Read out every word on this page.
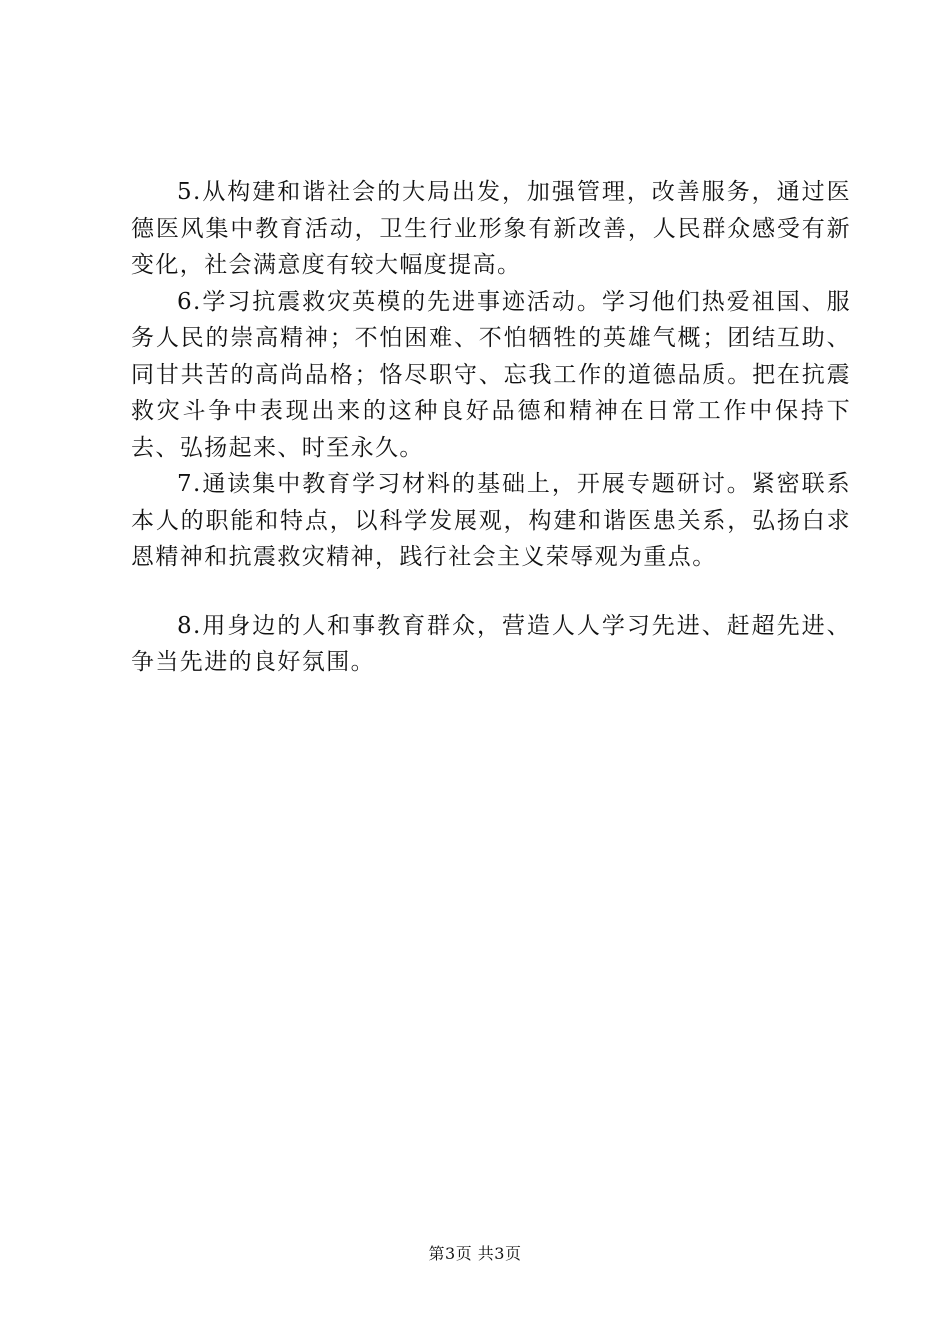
5.从构建和谐社会的大局出发，加强管理，改善服务，通过医德医风集中教育活动，卫生行业形象有新改善，人民群众感受有新变化，社会满意度有较大幅度提高。

6.学习抗震救灾英模的先进事迹活动。学习他们热爱祖国、服务人民的崇高精神；不怕困难、不怕牺牲的英雄气概；团结互助、同甘共苦的高尚品格；恪尽职守、忘我工作的道德品质。把在抗震救灾斗争中表现出来的这种良好品德和精神在日常工作中保持下去、弘扬起来、时至永久。

7.通读集中教育学习材料的基础上，开展专题研讨。紧密联系本人的职能和特点，以科学发展观，构建和谐医患关系，弘扬白求恩精神和抗震救灾精神，践行社会主义荣辱观为重点。

8.用身边的人和事教育群众，营造人人学习先进、赶超先进、争当先进的良好氛围。

第3页 共3页
